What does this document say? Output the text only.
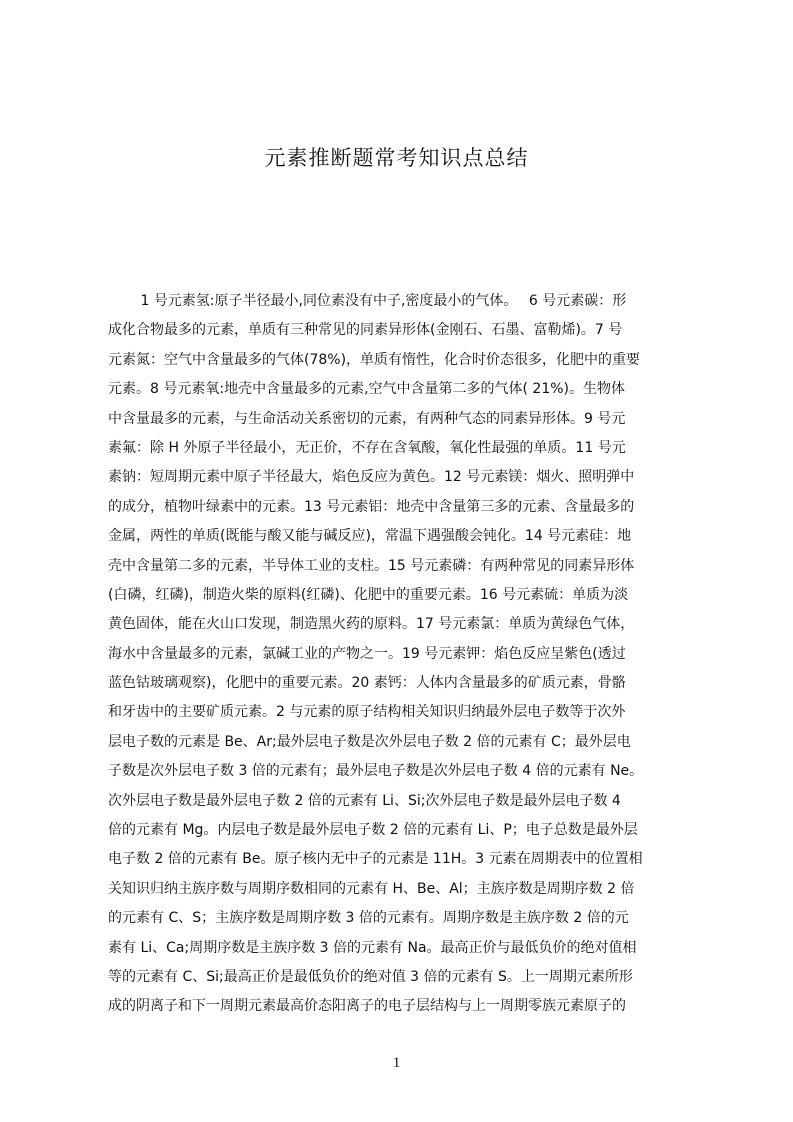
元素推断题常考知识点总结
　　 1 号元素氢:原子半径最小,同位素没有中子,密度最小的气体。　 6 号元素碳：形
成化合物最多的元素，单质有三种常见的同素异形体(金刚石、石墨、富勒烯)。7 号
元素氮：空气中含量最多的气体(78%)，单质有惰性，化合时价态很多，化肥中的重要
元素。8 号元素氧:地壳中含量最多的元素,空气中含量第二多的气体( 21%)。生物体
中含量最多的元素，与生命活动关系密切的元素，有两种气态的同素异形体。9 号元
素氟：除 H 外原子半径最小，无正价，不存在含氧酸，氧化性最强的单质。11 号元
素钠：短周期元素中原子半径最大，焰色反应为黄色。12 号元素镁：烟火、照明弹中
的成分，植物叶绿素中的元素。13 号元素铝：地壳中含量第三多的元素、含量最多的
金属，两性的单质(既能与酸又能与碱反应)，常温下遇强酸会钝化。14 号元素硅：地
壳中含量第二多的元素，半导体工业的支柱。15 号元素磷：有两种常见的同素异形体
(白磷，红磷)，制造火柴的原料(红磷)、化肥中的重要元素。16 号元素硫：单质为淡
黄色固体，能在火山口发现，制造黑火药的原料。17 号元素氯：单质为黄绿色气体，
海水中含量最多的元素，氯碱工业的产物之一。19 号元素钾：焰色反应呈紫色(透过
蓝色钴玻璃观察)，化肥中的重要元素。20 素钙：人体内含量最多的矿质元素，骨骼
和牙齿中的主要矿质元素。2 与元素的原子结构相关知识归纳最外层电子数等于次外
层电子数的元素是 Be、Ar;最外层电子数是次外层电子数 2 倍的元素有 C；最外层电
子数是次外层电子数 3 倍的元素有；最外层电子数是次外层电子数 4 倍的元素有 Ne。
次外层电子数是最外层电子数 2 倍的元素有 Li、Si;次外层电子数是最外层电子数 4
倍的元素有 Mg。内层电子数是最外层电子数 2 倍的元素有 Li、P；电子总数是最外层
电子数 2 倍的元素有 Be。原子核内无中子的元素是 11H。3 元素在周期表中的位置相
关知识归纳主族序数与周期序数相同的元素有 H、Be、Al；主族序数是周期序数 2 倍
的元素有 C、S；主族序数是周期序数 3 倍的元素有。周期序数是主族序数 2 倍的元
素有 Li、Ca;周期序数是主族序数 3 倍的元素有 Na。最高正价与最低负价的绝对值相
等的元素有 C、Si;最高正价是最低负价的绝对值 3 倍的元素有 S。上一周期元素所形
成的阴离子和下一周期元素最高价态阳离子的电子层结构与上一周期零族元素原子的
1
